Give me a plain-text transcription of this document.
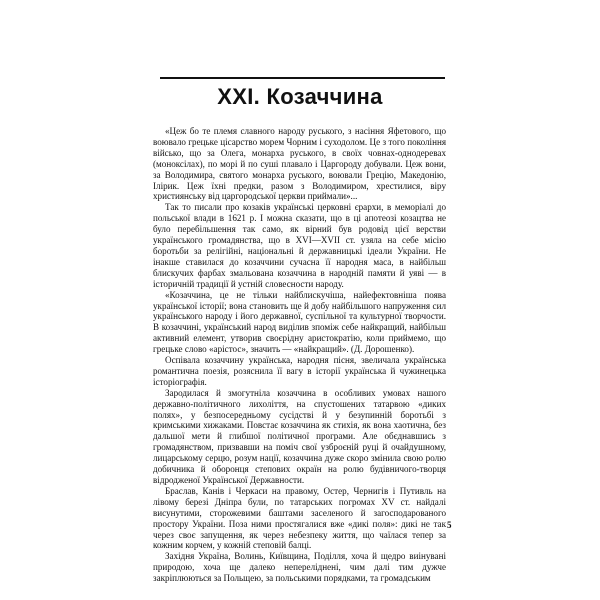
XXI. Козаччина

«Цеж бо те племя славного народу руського, з насіння Яфетового, що воювало грецьке цісарство морем Чорним і суходолом. Це з того покоління військо, що за Олега, монарха руського, в своїх човнах-однодеревах (моноксілах), по морі й по суші плавало і Царгороду добували. Цеж вони, за Володимира, святого монарха руського, воювали Грецію, Македонію, Ілірик. Цеж їхні предки, разом з Володимиром, хрестилися, віру християнську від царгородської церкви приймали»...

Так то писали про козаків українські церковні єрархи, в меморіалі до польської влади в 1621 р. І можна сказати, що в ці апотеозі козацтва не було перебільшення так само, як вірний був родовід цієї верстви українського громадянства, що в XVI—XVII ст. узяла на себе місію боротьби за релігійні, національні й державницькі ідеали України. Не інакше ставилася до козаччини сучасна її народня маса, в найбільш блискучих фарбах змальована козаччина в народній памяти й уяві — в історичній традиції й устній словесности народу.

«Козаччина, це не тільки найблискучіша, найефектовніша поява української історії; вона становить ще й добу найбільшого напруження сил українського народу і його державної, суспільної та культурної творчости. В козаччині, український народ виділив зпоміж себе найкращий, найбільш активний елемент, утворив своєрідну аристократію, коли приймемо, що грецьке слово «арістос», значить — «найкращий». (Д. Дорошенко).

Оспівала козаччину українська, народня пісня, звеличала українська романтична поезія, розяснила її вагу в історії українська й чужинецька історіографія.

Зародилася й змогутніла козаччина в особливих умовах нашого державно-політичного лихоліття, на спустошених татарвою «диких полях», у безпосередньому сусідстві й у безупинній боротьбі з кримськими хижаками. Повстає козаччина як стихія, як вона хаотична, без дальшої мети й глибшої політичної програми. Але обєднавшись з громадянством, призвавши на поміч свої узброєній руці й очайдушному, лицарському серцю, розум нації, козаччина дуже скоро змінила свою ролю добичника й оборонця степових окраїн на ролю будівничого-творця відродженої Української Державности.

Браслав, Канів і Черкаси на правому, Остер, Чернигів і Путивль на лівому березі Дніпра були, по татарських погромах XV ст. найдалі висунутими, сторожевими баштами заселеного й загосподарованого простору України. Поза ними простягалися вже «дикі поля»: дикі не так через своє запущення, як через небезпеку життя, що чаїлася тепер за кожним корчем, у кожній степовій балці.

Західня Україна, Волинь, Київщина, Поділля, хоча й щедро виінувані природою, хоча ще далеко непереліднені, чим далі тим дужче закріплюються за Польщею, за польськими порядками, та громадським

5
